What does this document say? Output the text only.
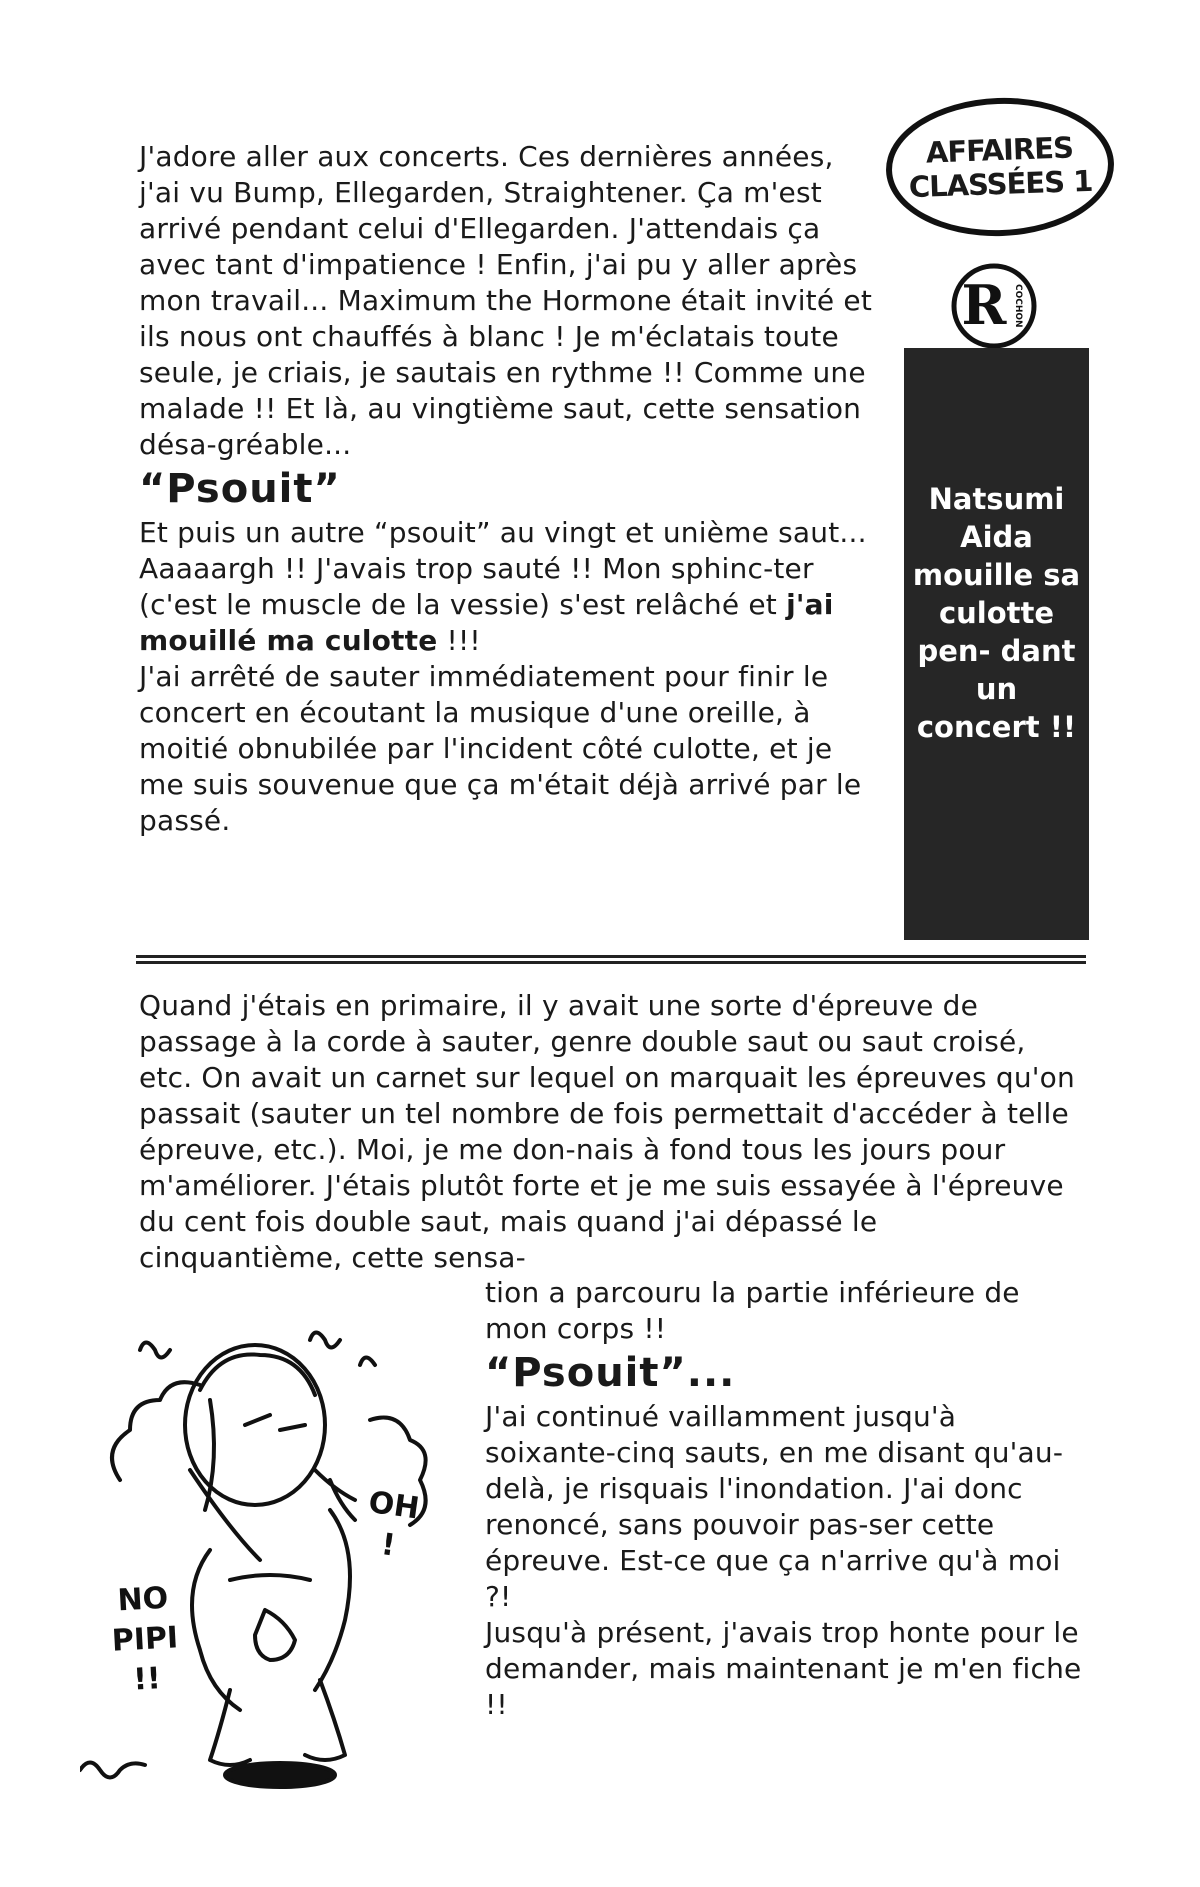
AFFAIRES
CLASSÉES 1
R COCHON
Natsumi Aida mouille sa culotte pen- dant un concert !!

J'adore aller aux concerts. Ces dernières années, j'ai vu Bump, Ellegarden, Straightener. Ça m'est arrivé pendant celui d'Ellegarden. J'attendais ça avec tant d'impatience ! Enfin, j'ai pu y aller après mon travail... Maximum the Hormone était invité et ils nous ont chauffés à blanc ! Je m'éclatais toute seule, je criais, je sautais en rythme !! Comme une malade !! Et là, au vingtième saut, cette sensation désa-gréable...

“Psouit”

Et puis un autre “psouit” au vingt et unième saut...

Aaaaargh !! J'avais trop sauté !! Mon sphinc-ter (c'est le muscle de la vessie) s'est relâché et j'ai mouillé ma culotte !!!

J'ai arrêté de sauter immédiatement pour finir le concert en écoutant la musique d'une oreille, à moitié obnubilée par l'incident côté culotte, et je me suis souvenue que ça m'était déjà arrivé par le passé.

Quand j'étais en primaire, il y avait une sorte d'épreuve de passage à la corde à sauter, genre double saut ou saut croisé, etc. On avait un carnet sur lequel on marquait les épreuves qu'on passait (sauter un tel nombre de fois permettait d'accéder à telle épreuve, etc.). Moi, je me don-nais à fond tous les jours pour m'améliorer. J'étais plutôt forte et je me suis essayée à l'épreuve du cent fois double saut, mais quand j'ai dépassé le cinquantième, cette sensa-

tion a parcouru la partie inférieure de mon corps !!

“Psouit”...

J'ai continué vaillamment jusqu'à soixante-cinq sauts, en me disant qu'au-delà, je risquais l'inondation. J'ai donc renoncé, sans pouvoir pas-ser cette épreuve. Est-ce que ça n'arrive qu'à moi ?!

Jusqu'à présent, j'avais trop honte pour le demander, mais maintenant je m'en fiche !!

OH !
NO PIPI !!
